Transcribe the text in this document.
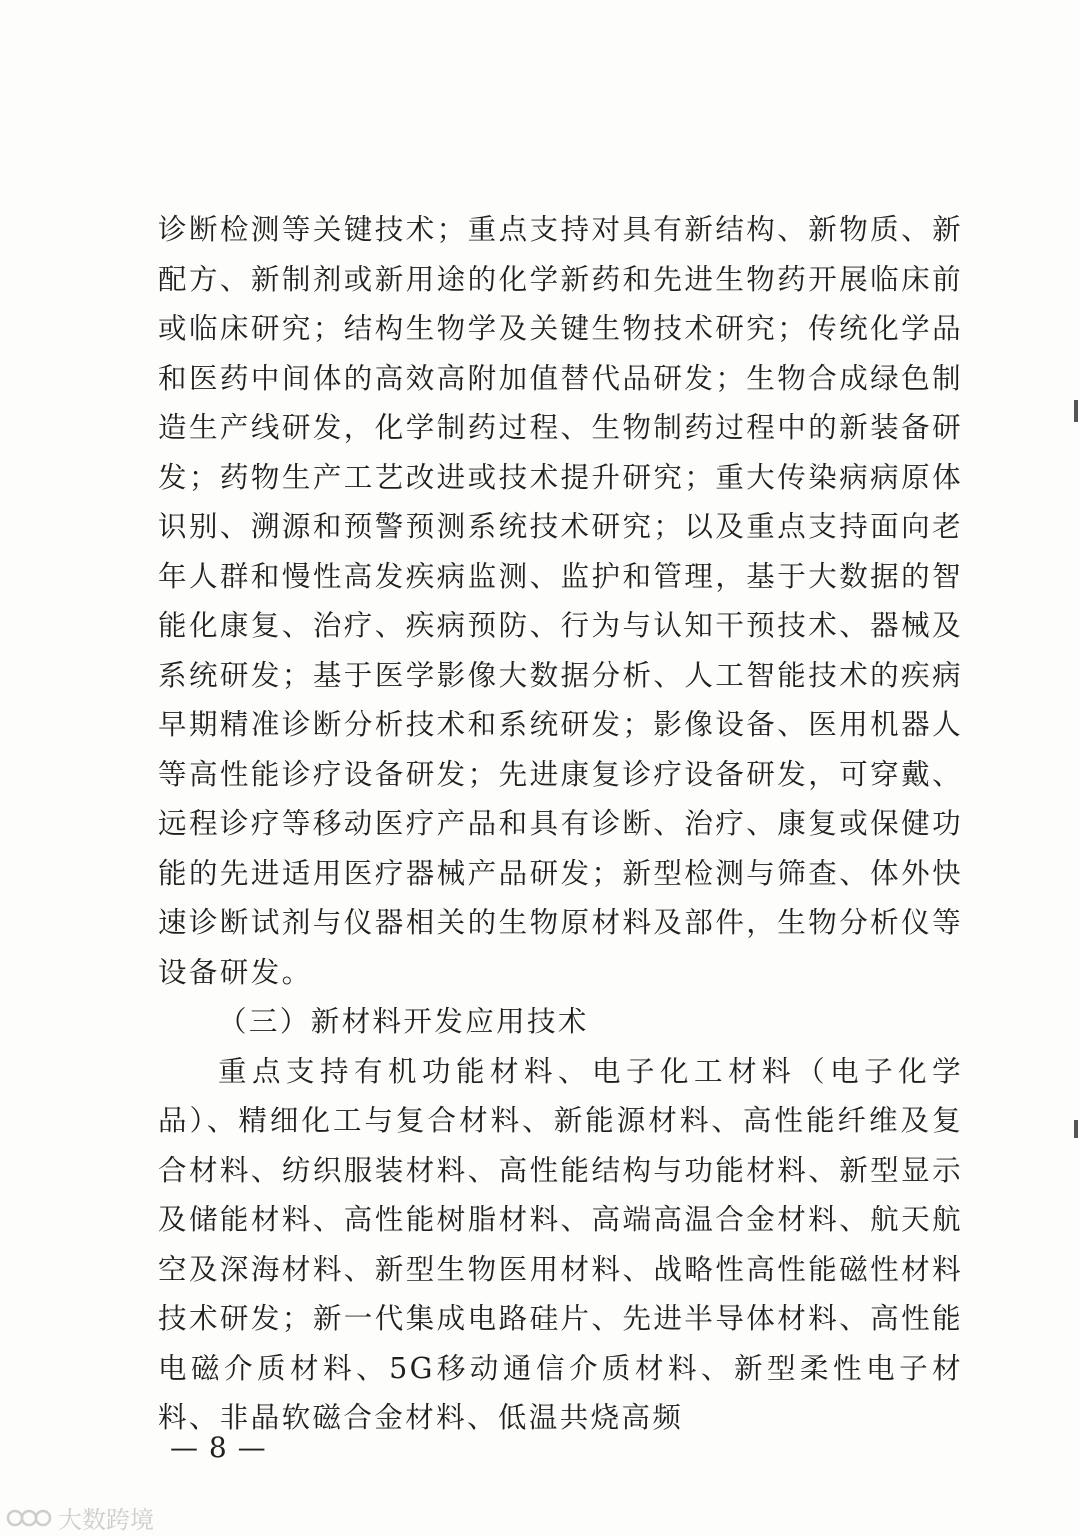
诊断检测等关键技术；重点支持对具有新结构、新物质、新配方、新制剂或新用途的化学新药和先进生物药开展临床前或临床研究；结构生物学及关键生物技术研究；传统化学品和医药中间体的高效高附加值替代品研发；生物合成绿色制造生产线研发，化学制药过程、生物制药过程中的新装备研发；药物生产工艺改进或技术提升研究；重大传染病病原体识别、溯源和预警预测系统技术研究；以及重点支持面向老年人群和慢性高发疾病监测、监护和管理，基于大数据的智能化康复、治疗、疾病预防、行为与认知干预技术、器械及系统研发；基于医学影像大数据分析、人工智能技术的疾病早期精准诊断分析技术和系统研发；影像设备、医用机器人等高性能诊疗设备研发；先进康复诊疗设备研发，可穿戴、远程诊疗等移动医疗产品和具有诊断、治疗、康复或保健功能的先进适用医疗器械产品研发；新型检测与筛查、体外快速诊断试剂与仪器相关的生物原材料及部件，生物分析仪等设备研发。

（三）新材料开发应用技术

重点支持有机功能材料、电子化工材料（电子化学品）、精细化工与复合材料、新能源材料、高性能纤维及复合材料、纺织服装材料、高性能结构与功能材料、新型显示及储能材料、高性能树脂材料、高端高温合金材料、航天航空及深海材料、新型生物医用材料、战略性高性能磁性材料技术研发；新一代集成电路硅片、先进半导体材料、高性能电磁介质材料、5G移动通信介质材料、新型柔性电子材料、非晶软磁合金材料、低温共烧高频

— 8 —

大数跨境
